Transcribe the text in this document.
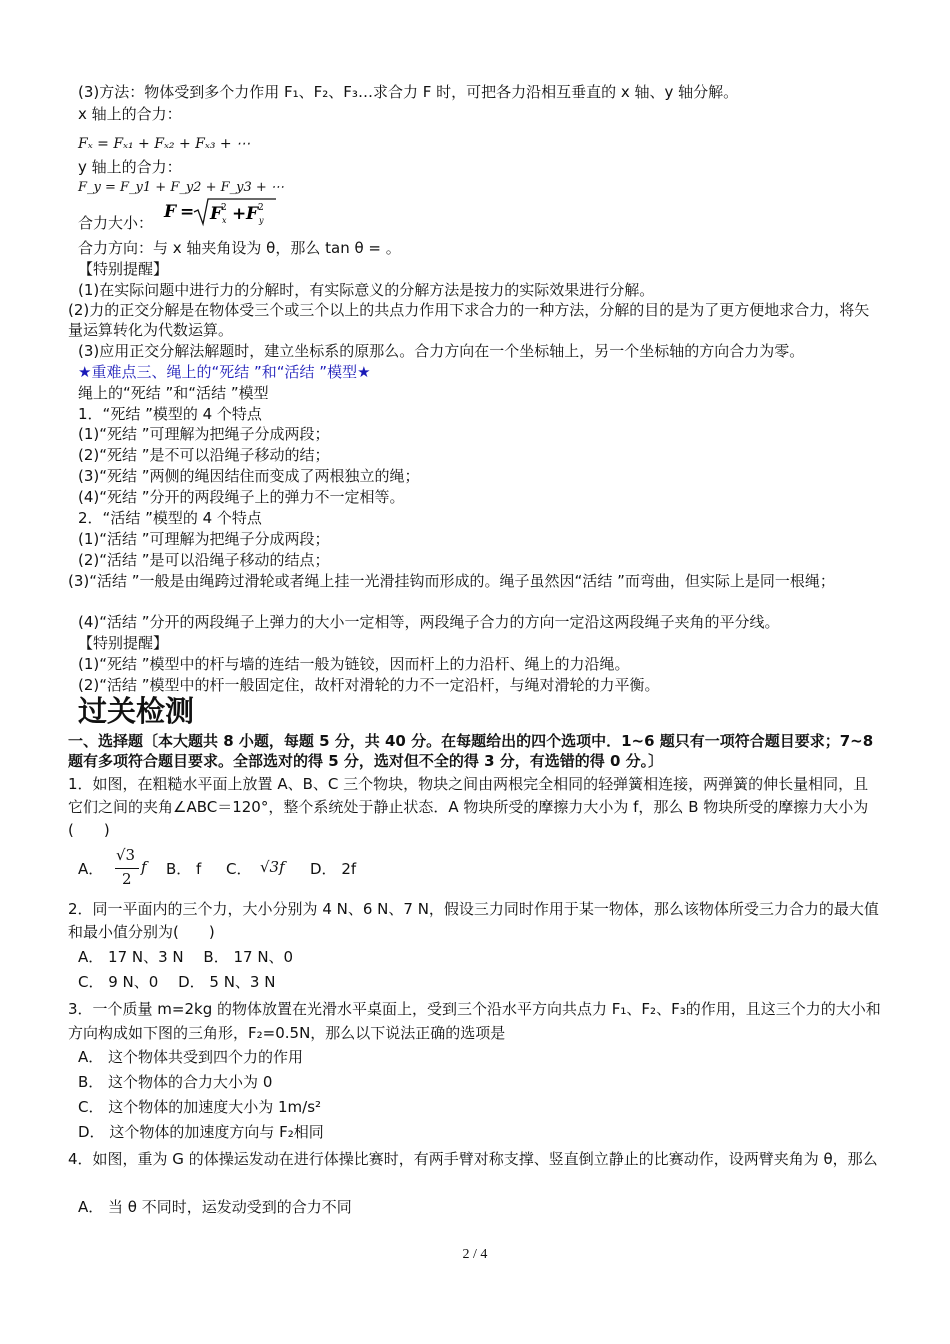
(3)方法：物体受到多个力作用 F₁、F₂、F₃…求合力 F 时，可把各力沿相互垂直的 x 轴、y 轴分解。
x 轴上的合力：
Fₓ = Fₓ₁ + Fₓ₂ + Fₓ₃ + ⋯
y 轴上的合力：
F_y = F_y1 + F_y2 + F_y3 + ⋯
合力大小：
F = F
2
x + F 2
y
合力方向：与 x 轴夹角设为 θ，那么 tan θ = 。
【特别提醒】
(1)在实际问题中进行力的分解时，有实际意义的分解方法是按力的实际效果进行分解。
(2)力的正交分解是在物体受三个或三个以上的共点力作用下求合力的一种方法，分解的目的是为了更方便地求合力，将矢量运算转化为代数运算。
(3)应用正交分解法解题时，建立坐标系的原那么。合力方向在一个坐标轴上，另一个坐标轴的方向合力为零。
★重难点三、绳上的“死结 ”和“活结 ”模型★
绳上的“死结 ”和“活结 ”模型
1．“死结 ”模型的 4 个特点
(1)“死结 ”可理解为把绳子分成两段；
(2)“死结 ”是不可以沿绳子移动的结；
(3)“死结 ”两侧的绳因结住而变成了两根独立的绳；
(4)“死结 ”分开的两段绳子上的弹力不一定相等。
2．“活结 ”模型的 4 个特点
(1)“活结 ”可理解为把绳子分成两段；
(2)“活结 ”是可以沿绳子移动的结点；
(3)“活结 ”一般是由绳跨过滑轮或者绳上挂一光滑挂钩而形成的。绳子虽然因“活结 ”而弯曲，但实际上是同一根绳；
(4)“活结 ”分开的两段绳子上弹力的大小一定相等，两段绳子合力的方向一定沿这两段绳子夹角的平分线。
【特别提醒】
(1)“死结 ”模型中的杆与墙的连结一般为链铰，因而杆上的力沿杆、绳上的力沿绳。
(2)“活结 ”模型中的杆一般固定住，故杆对滑轮的力不一定沿杆，与绳对滑轮的力平衡。
过关检测
一、选择题〔本大题共 8 小题，每题 5 分，共 40 分。在每题给出的四个选项中．1~6 题只有一项符合题目要求；7~8 题有多项符合题目要求。全部选对的得 5 分，选对但不全的得 3 分，有选错的得 0 分。〕
1．如图，在粗糙水平面上放置 A、B、C 三个物块，物块之间由两根完全相同的轻弹簧相连接，两弹簧的伸长量相同，且它们之间的夹角∠ABC＝120°，整个系统处于静止状态．A 物块所受的摩擦力大小为 f，那么 B 物块所受的摩擦力大小为(　　)
A．
√3
2
f B． f C． √3f D． 2f
2．同一平面内的三个力，大小分别为 4 N、6 N、7 N，假设三力同时作用于某一物体，那么该物体所受三力合力的最大值和最小值分别为(　　)
A． 17 N、3 N　 B． 17 N、0
C． 9 N、0　 D． 5 N、3 N
3．一个质量 m=2kg 的物体放置在光滑水平桌面上，受到三个沿水平方向共点力 F₁、F₂、F₃的作用，且这三个力的大小和方向构成如下图的三角形，F₂=0.5N，那么以下说法正确的选项是
A． 这个物体共受到四个力的作用
B． 这个物体的合力大小为 0
C． 这个物体的加速度大小为 1m/s²
D． 这个物体的加速度方向与 F₂相同
4．如图，重为 G 的体操运发动在进行体操比赛时，有两手臂对称支撑、竖直倒立静止的比赛动作，设两臂夹角为 θ，那么
A． 当 θ 不同时，运发动受到的合力不同
2 / 4
